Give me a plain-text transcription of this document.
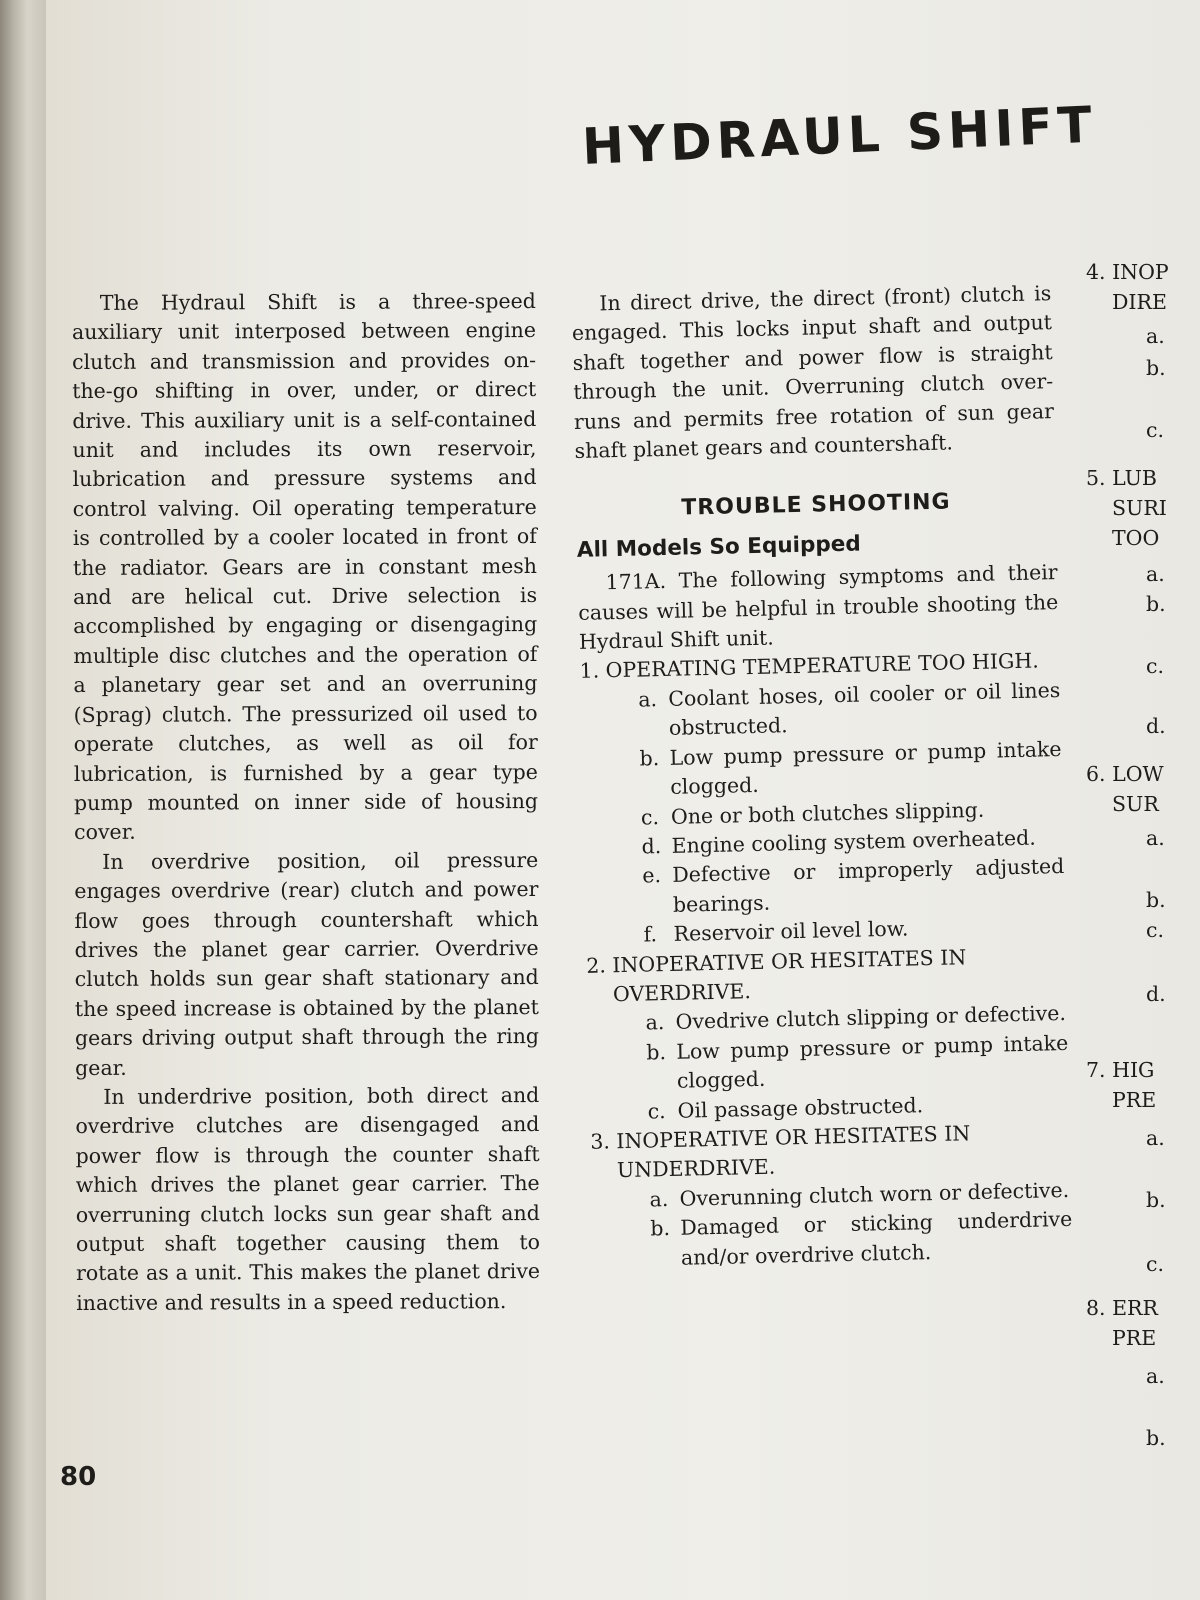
HYDRAUL SHIFT

The Hydraul Shift is a three-speed auxiliary unit interposed between engine clutch and transmission and provides on-the-go shifting in over, under, or direct drive. This auxiliary unit is a self-contained unit and includes its own reservoir, lubrication and pressure systems and control valving. Oil operating temperature is controlled by a cooler located in front of the radiator. Gears are in constant mesh and are helical cut. Drive selection is accomplished by engaging or disengaging multiple disc clutches and the operation of a planetary gear set and an overruning (Sprag) clutch. The pressurized oil used to operate clutches, as well as oil for lubrication, is furnished by a gear type pump mounted on inner side of housing cover.

In overdrive position, oil pressure engages overdrive (rear) clutch and power flow goes through countershaft which drives the planet gear carrier. Overdrive clutch holds sun gear shaft stationary and the speed increase is obtained by the planet gears driving output shaft through the ring gear.

In underdrive position, both direct and overdrive clutches are disengaged and power flow is through the counter shaft which drives the planet gear carrier. The overruning clutch locks sun gear shaft and output shaft together causing them to rotate as a unit. This makes the planet drive inactive and results in a speed reduction.

In direct drive, the direct (front) clutch is engaged. This locks input shaft and output shaft together and power flow is straight through the unit. Overruning clutch over-runs and permits free rotation of sun gear shaft planet gears and countershaft.

TROUBLE SHOOTING
All Models So Equipped

171A. The following symptoms and their causes will be helpful in trouble shooting the Hydraul Shift unit.

1. OPERATING TEMPERATURE TOO HIGH.
a. Coolant hoses, oil cooler or oil lines obstructed.
b. Low pump pressure or pump intake clogged.
c. One or both clutches slipping.
d. Engine cooling system overheated.
e. Defective or improperly adjusted bearings.
f. Reservoir oil level low.
2. INOPERATIVE OR HESITATES IN OVERDRIVE.
a. Ovedrive clutch slipping or defective.
b. Low pump pressure or pump intake clogged.
c. Oil passage obstructed.
3. INOPERATIVE OR HESITATES IN UNDERDRIVE.
a. Overunning clutch worn or defective.
b. Damaged or sticking underdrive and/or overdrive clutch.
4. INOP
DIRE
a.
b.
c.
5. LUB
SURI
TOO
a.
b.
c.
d.
6. LOW
SUR
a.
b.
c.
d.
7. HIG
PRE
a.
b.
c.
8. ERR
PRE
a.
b.
80
